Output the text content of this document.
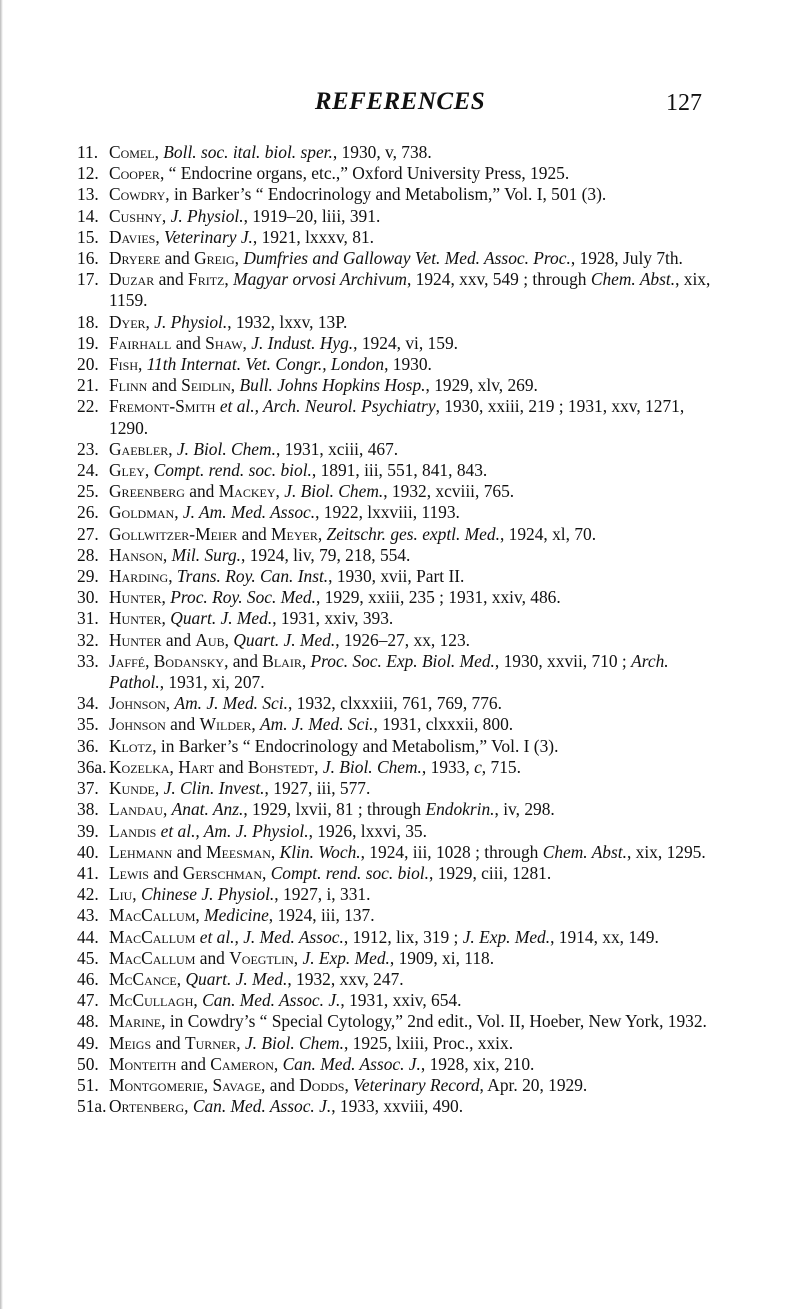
REFERENCES	127

11. Comel, Boll. soc. ital. biol. sper., 1930, v, 738.

12. Cooper, “ Endocrine organs, etc.,” Oxford University Press, 1925.

13. Cowdry, in Barker’s “ Endocrinology and Metabolism,” Vol. I, 501 (3).

14. Cushny, J. Physiol., 1919–20, liii, 391.

15. Davies, Veterinary J., 1921, lxxxv, 81.

16. Dryere and Greig, Dumfries and Galloway Vet. Med. Assoc. Proc., 1928, July 7th.

17. Duzar and Fritz, Magyar orvosi Archivum, 1924, xxv, 549 ; through Chem. Abst., xix, 1159.

18. Dyer, J. Physiol., 1932, lxxv, 13P.

19. Fairhall and Shaw, J. Indust. Hyg., 1924, vi, 159.

20. Fish, 11th Internat. Vet. Congr., London, 1930.

21. Flinn and Seidlin, Bull. Johns Hopkins Hosp., 1929, xlv, 269.

22. Fremont-Smith et al., Arch. Neurol. Psychiatry, 1930, xxiii, 219 ; 1931, xxv, 1271, 1290.

23. Gaebler, J. Biol. Chem., 1931, xciii, 467.

24. Gley, Compt. rend. soc. biol., 1891, iii, 551, 841, 843.

25. Greenberg and Mackey, J. Biol. Chem., 1932, xcviii, 765.

26. Goldman, J. Am. Med. Assoc., 1922, lxxviii, 1193.

27. Gollwitzer-Meier and Meyer, Zeitschr. ges. exptl. Med., 1924, xl, 70.

28. Hanson, Mil. Surg., 1924, liv, 79, 218, 554.

29. Harding, Trans. Roy. Can. Inst., 1930, xvii, Part II.

30. Hunter, Proc. Roy. Soc. Med., 1929, xxiii, 235 ; 1931, xxiv, 486.

31. Hunter, Quart. J. Med., 1931, xxiv, 393.

32. Hunter and Aub, Quart. J. Med., 1926–27, xx, 123.

33. Jaffé, Bodansky, and Blair, Proc. Soc. Exp. Biol. Med., 1930, xxvii, 710 ; Arch. Pathol., 1931, xi, 207.

34. Johnson, Am. J. Med. Sci., 1932, clxxxiii, 761, 769, 776.

35. Johnson and Wilder, Am. J. Med. Sci., 1931, clxxxii, 800.

36. Klotz, in Barker’s “ Endocrinology and Metabolism,” Vol. I (3).

36a. Kozelka, Hart and Bohstedt, J. Biol. Chem., 1933, c, 715.

37. Kunde, J. Clin. Invest., 1927, iii, 577.

38. Landau, Anat. Anz., 1929, lxvii, 81 ; through Endokrin., iv, 298.

39. Landis et al., Am. J. Physiol., 1926, lxxvi, 35.

40. Lehmann and Meesman, Klin. Woch., 1924, iii, 1028 ; through Chem. Abst., xix, 1295.

41. Lewis and Gerschman, Compt. rend. soc. biol., 1929, ciii, 1281.

42. Liu, Chinese J. Physiol., 1927, i, 331.

43. MacCallum, Medicine, 1924, iii, 137.

44. MacCallum et al., J. Med. Assoc., 1912, lix, 319 ; J. Exp. Med., 1914, xx, 149.

45. MacCallum and Voegtlin, J. Exp. Med., 1909, xi, 118.

46. McCance, Quart. J. Med., 1932, xxv, 247.

47. McCullagh, Can. Med. Assoc. J., 1931, xxiv, 654.

48. Marine, in Cowdry’s “ Special Cytology,” 2nd edit., Vol. II, Hoeber, New York, 1932.

49. Meigs and Turner, J. Biol. Chem., 1925, lxiii, Proc., xxix.

50. Monteith and Cameron, Can. Med. Assoc. J., 1928, xix, 210.

51. Montgomerie, Savage, and Dodds, Veterinary Record, Apr. 20, 1929.

51a. Ortenberg, Can. Med. Assoc. J., 1933, xxviii, 490.
